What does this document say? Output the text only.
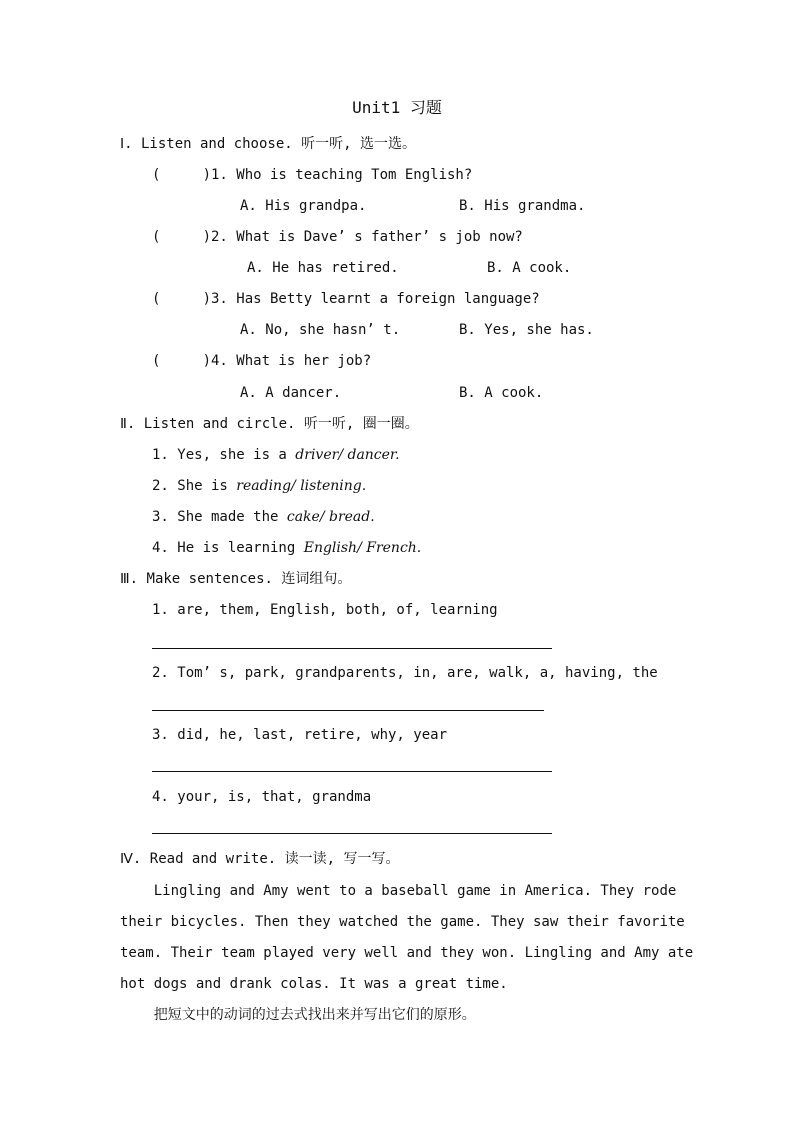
Unit1 习题
Ⅰ. Listen and choose. 听一听, 选一选。
(     )1. Who is teaching Tom English?
A. His grandpa.	B. His grandma.
(     )2. What is Dave’ s father’ s job now?
A. He has retired.	B. A cook.
(     )3. Has Betty learnt a foreign language?
A. No, she hasn’ t.	B. Yes, she has.
(     )4. What is her job?
A. A dancer.	B. A cook.
Ⅱ. Listen and circle. 听一听, 圈一圈。
1. Yes, she is a driver/ dancer.
2. She is reading/ listening.
3. She made the cake/ bread.
4. He is learning English/ French.
Ⅲ. Make sentences. 连词组句。
1. are, them, English, both, of, learning
2. Tom’ s, park, grandparents, in, are, walk, a, having, the
3. did, he, last, retire, why, year
4. your, is, that, grandma
Ⅳ. Read and write. 读一读, 写一写。
Lingling and Amy went to a baseball game in America. They rode
their bicycles. Then they watched the game. They saw their favorite
team. Their team played very well and they won. Lingling and Amy ate
hot dogs and drank colas. It was a great time.
把短文中的动词的过去式找出来并写出它们的原形。
